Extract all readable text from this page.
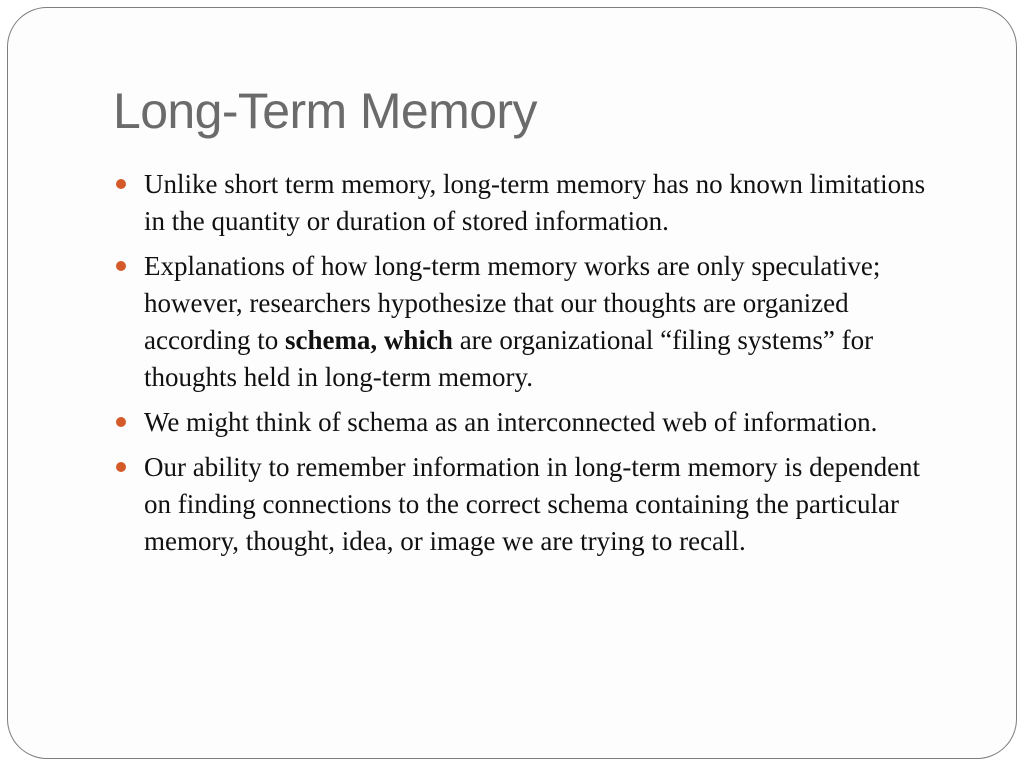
Long-Term Memory
Unlike short term memory, long-term memory has no known limitations in the quantity or duration of stored information.
Explanations of how long-term memory works are only speculative; however, researchers hypothesize that our thoughts are organized according to schema, which are organizational “filing systems” for thoughts held in long-term memory.
We might think of schema as an interconnected web of information.
Our ability to remember information in long-term memory is dependent on finding connections to the correct schema containing the particular memory, thought, idea, or image we are trying to recall.
